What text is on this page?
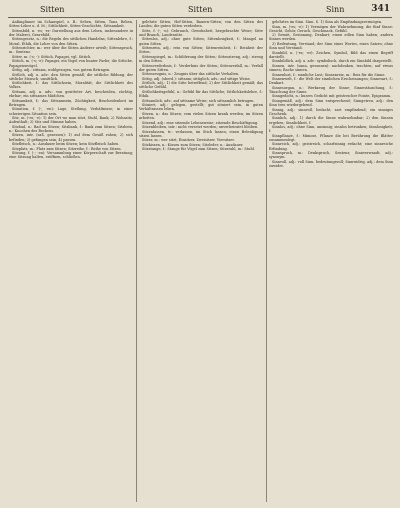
Sitten	Sitten	Sinn	341

Anfänglinner im Schauspiel, z. B.: Sehen, Sitten, Tanz, Reben, Sitten-Lehre u. d. M.; Sittlichkeit, Sitten-Geschichte, Sittsamkeit.

Sittenbild, n. -es; -er: Darstellung aus dem Leben, insbesondere in der Malerei, Genrebild.

Sittengesetz, n.: die Regeln des sittlichen Handelns; Sittenlehre, f.: Moral, Ethik, die Lehre von den Sitten.

Sittenrichter, m.: wer über die Sitten Anderer urteilt; Sittenspruch, m.: Sentenz.

Sitter, m. (-s; -): Sittich, Papagei, vgl. Sittich.

Sittich, m. (-s; -e): Papagei, ein Vogel von bunter Farbe; die Sittiche, Papageienvögel.

Sittig, adj.: sittsam, wohlgezogen, von gutem Betragen.

Sittlich, adj. u. adv.: den Sitten gemäß; die sittliche Bildung, der sittliche Mensch; unsittlich.

Sittlichkeit, f.: das Sittlichsein, Moralität; die Sittlichkeit des Volkes.

Sittsam, adj. u. adv.: von gesitteter Art, bescheiden, züchtig, ehrbar; ein sittsames Mädchen.

Sittsamkeit, f.: das Sittsamsein, Züchtigkeit, Bescheidenheit im Betragen.

Situation, f. (-; -en): Lage, Stellung, Verhältnisse; in einer schwierigen Situation sein.

Sitz, m. (-es; -e): 1) der Ort wo man sitzt, Stuhl, Bank; 2) Wohnsitz, Aufenthalt; 3) Sitz und Stimme haben.

Sitzbad, n.: Bad im Sitzen; Sitzbank, f.: Bank zum Sitzen; Sitzbein, n.: Knochen des Beckens.

Sitzen, intr. (saß, gesessen): 1) auf dem Gesäß ruhen; 2) sich befinden; 3) gefangen sein; 4) passen.

Sitzfleisch, n.: Ausdauer beim Sitzen; kein Sitzfleisch haben.

Sitzplatz, m.: Platz zum Sitzen; Sitzreihe, f.: Reihe von Sitzen.

Sitzung, f. (-; -en): Versammlung einer Körperschaft zur Beratung; eine Sitzung halten, eröffnen, schließen.

gelehrte Sitten, Hof-Sitten, Bauern-Sitten; von den Sitten des Landes; die guten Sitten verderben.

Sitte, f. (-; -n): Gebrauch, Gewohnheit, hergebrachte Weise; Sitte und Brauch; Landessitte.

Sittenlos, adj.: ohne gute Sitten; Sittenlosigkeit, f.: Mangel an guten Sitten.

Sittenrein, adj.: rein von Sitten; Sittenreinheit, f.: Reinheit der Sitten.

Sittenspiegel, m.: Schilderung der Sitten; Sittenstreng, adj.: streng in den Sitten.

Sittenverderbnis, f.: Verderbnis der Sitten; Sittenverfall, m.: Verfall der guten Sitten.

Sittenzeugnis, n.: Zeugnis über das sittliche Verhalten.

Sittig, adj. (oberd.): sittsam; sittiglich, adv.: auf sittige Weise.

Sittlich, adj.: 1) die Sitte betreffend; 2) der Sittlichkeit gemäß; das sittliche Gefühl.

Sittlichkeitsgefühl, n.: Gefühl für das Sittliche; Sittlichkeitslehre, f.: Ethik.

Sittsamlich, adv.: auf sittsame Weise; sich sittsamlich betragen.

Situiert, adj.: gelegen, gestellt; gut situiert sein, in guten Verhältnissen leben.

Sitzen, n.: das Sitzen; vom vielen Sitzen krank werden; im Sitzen arbeiten.

Sitzend, adj.: eine sitzende Lebensweise; sitzende Beschäftigung.

Sitzenbleiben, intr.: nicht versetzt werden; unverheiratet bleiben.

Sitzenlassen, tr.: verlassen, im Stich lassen; einen Beleidigung sitzen lassen.

Sitzer, m.: wer sitzt; Einsitzer, Zweisitzer, Viersitzer.

Sitzkissen, n.: Kissen zum Sitzen; Sitzleder, n.: Ausdauer.

Sitzstange, f.: Stange für Vögel zum Sitzen; Sitzstuhl, m.: Stuhl.

gelehrtes im Sinn. Sinn. S. 1) Sinn als Empfindungsvermögen.

Sinn, m. (-es; -e): 1) Vermögen der Wahrnehmung; die fünf Sinne: Gesicht, Gehör, Geruch, Geschmack, Gefühl.

2) Gemüt, Gesinnung, Denkart; einen edlen Sinn haben; andern Sinnes werden.

3) Bedeutung, Verstand; der Sinn eines Wortes, eines Satzes; ohne Sinn und Verstand.

Sinnbild, n. (-es; -er): Zeichen, Symbol, Bild das einen Begriff darstellt.

Sinnbildlich, adj. u. adv.: symbolisch, durch ein Sinnbild dargestellt.

Sinnen, intr. (sann, gesonnen): nachdenken, trachten; auf etwas sinnen; Rache sinnen.

Sinnenlust, f.: sinnliche Lust; Sinnenreiz, m.: Reiz für die Sinne.

Sinnenwelt, f.: die Welt der sinnlichen Erscheinungen; Sinnesart, f.: Denkart.

Sinnesorgan, n.: Werkzeug der Sinne; Sinnestäuschung, f.: Täuschung der Sinne.

Sinngedicht, n.: kurzes Gedicht mit geistreicher Pointe, Epigramm.

Sinngemäß, adj.: dem Sinn entsprechend; Sinngetreu, adj.: den Sinn treu wiedergebend.

Sinnig, adj.: sinnvoll, bedacht, zart empfindend; ein sinniges Geschenk.

Sinnlich, adj.: 1) durch die Sinne wahrnehmbar; 2) den Sinnen ergeben; Sinnlichkeit, f.

Sinnlos, adj.: ohne Sinn, unsinnig; sinnlos betrunken; Sinnlosigkeit, f.

Sinnpflanze, f.: Mimose, Pflanze die bei Berührung die Blätter zusammenlegt.

Sinnreich, adj.: geistreich, scharfsinnig erdacht; eine sinnreiche Erfindung.

Sinnspruch, m.: Denkspruch, Sentenz; Sinnverwandt, adj.: synonym.

Sinnvoll, adj.: voll Sinn, bedeutungsvoll; Sinnwidrig, adj.: dem Sinn zuwider.
